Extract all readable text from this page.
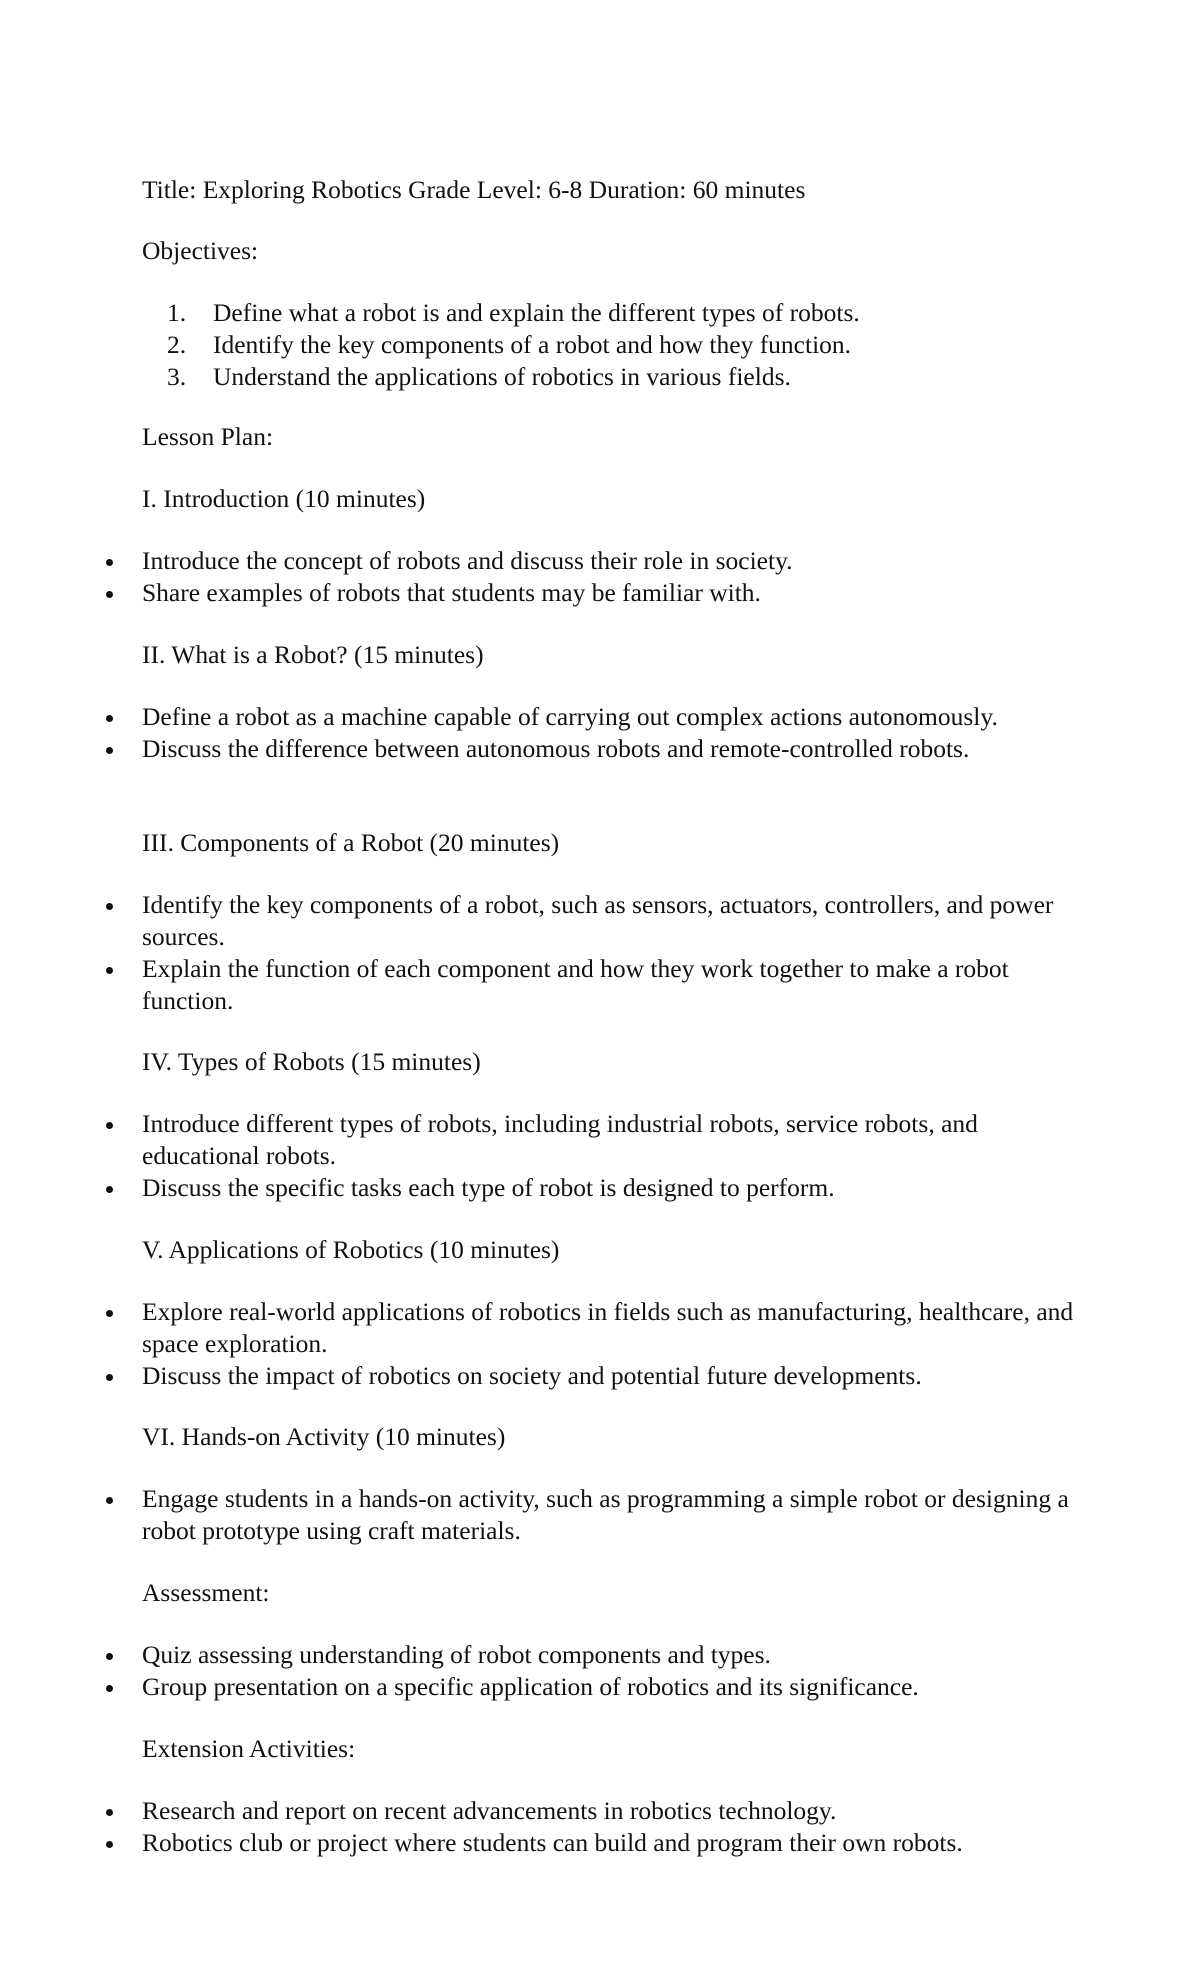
Title: Exploring Robotics Grade Level: 6-8 Duration: 60 minutes

Objectives:

1. Define what a robot is and explain the different types of robots.
2. Identify the key components of a robot and how they function.
3. Understand the applications of robotics in various fields.

Lesson Plan:

I. Introduction (10 minutes)

Introduce the concept of robots and discuss their role in society.
Share examples of robots that students may be familiar with.

II. What is a Robot? (15 minutes)

Define a robot as a machine capable of carrying out complex actions autonomously.
Discuss the difference between autonomous robots and remote-controlled robots.

III. Components of a Robot (20 minutes)

Identify the key components of a robot, such as sensors, actuators, controllers, and power sources.
Explain the function of each component and how they work together to make a robot function.

IV. Types of Robots (15 minutes)

Introduce different types of robots, including industrial robots, service robots, and educational robots.
Discuss the specific tasks each type of robot is designed to perform.

V. Applications of Robotics (10 minutes)

Explore real-world applications of robotics in fields such as manufacturing, healthcare, and space exploration.
Discuss the impact of robotics on society and potential future developments.

VI. Hands-on Activity (10 minutes)

Engage students in a hands-on activity, such as programming a simple robot or designing a robot prototype using craft materials.

Assessment:

Quiz assessing understanding of robot components and types.
Group presentation on a specific application of robotics and its significance.

Extension Activities:

Research and report on recent advancements in robotics technology.
Robotics club or project where students can build and program their own robots.
